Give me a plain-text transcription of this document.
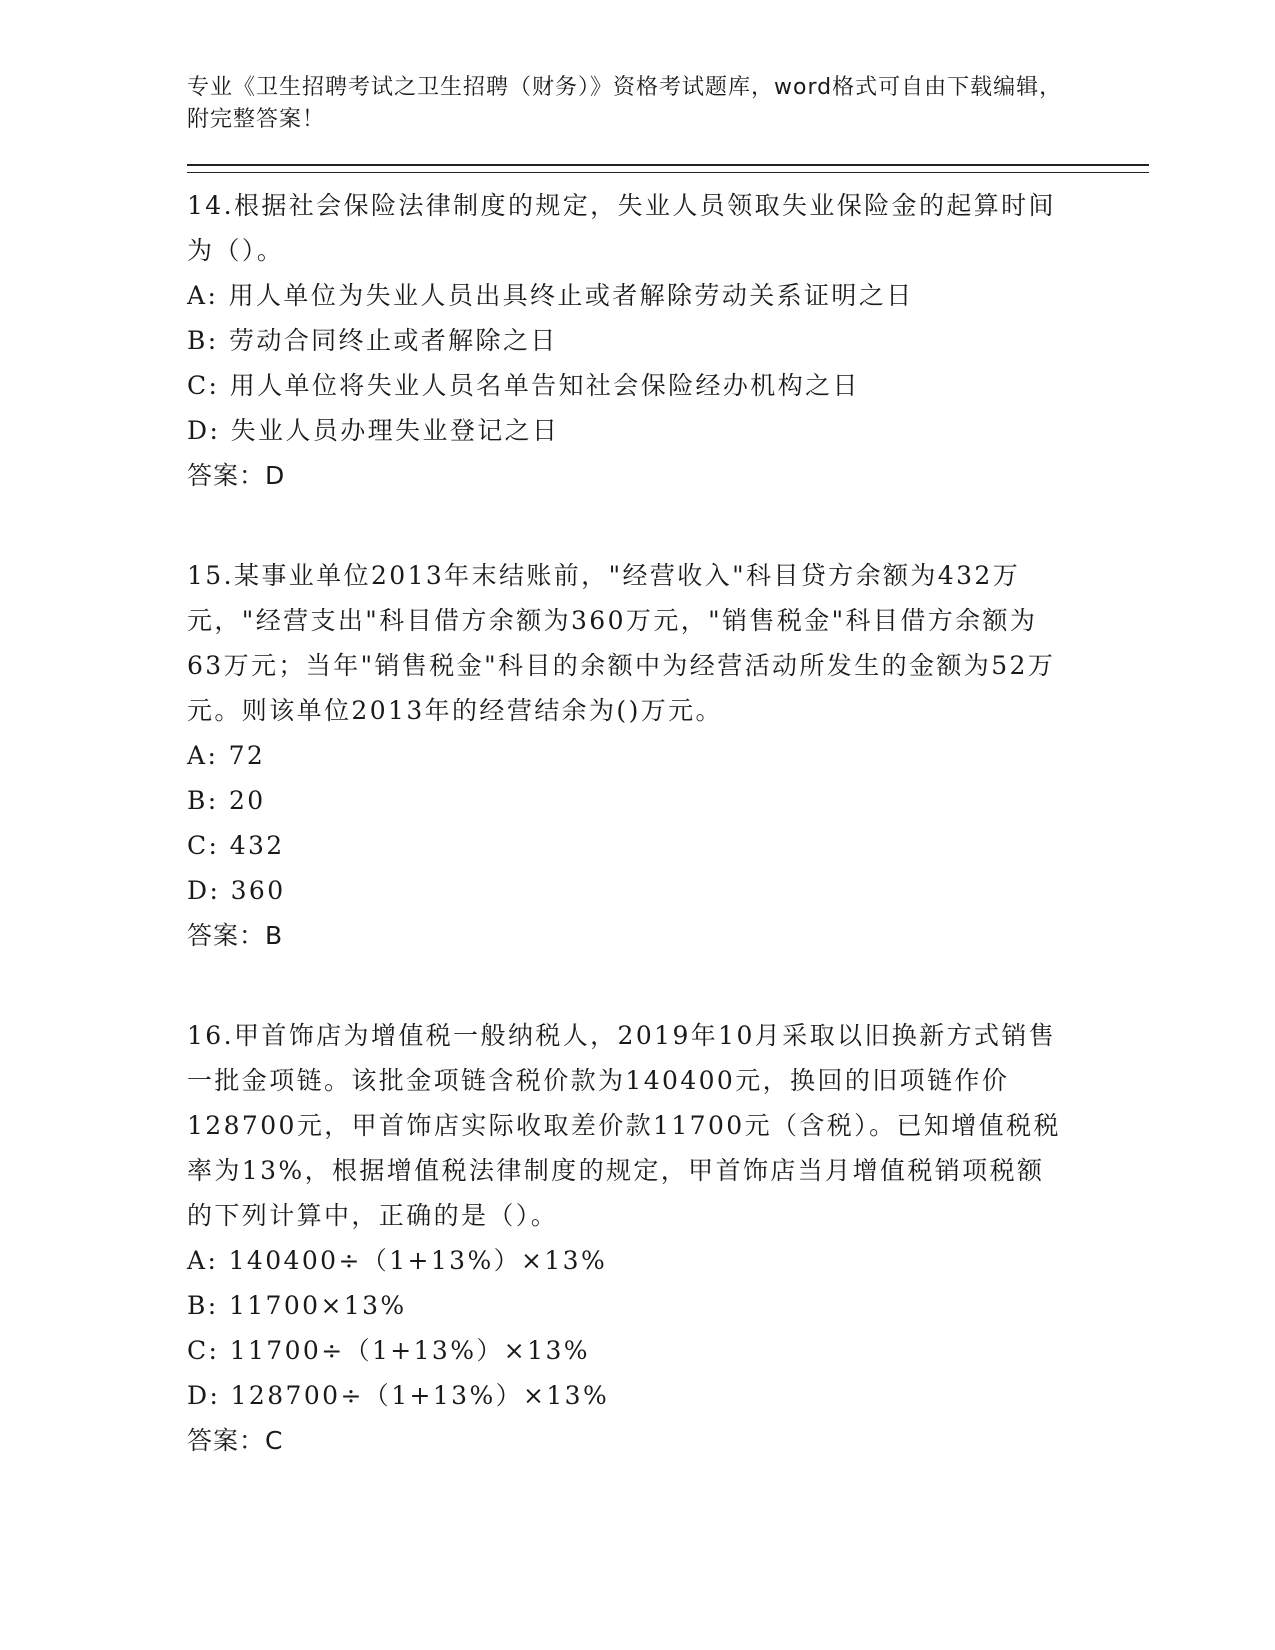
专业《卫生招聘考试之卫生招聘（财务）》资格考试题库，word格式可自由下载编辑，附完整答案！

14.根据社会保险法律制度的规定，失业人员领取失业保险金的起算时间为（）。

A: 用人单位为失业人员出具终止或者解除劳动关系证明之日

B: 劳动合同终止或者解除之日

C: 用人单位将失业人员名单告知社会保险经办机构之日

D: 失业人员办理失业登记之日

答案：D

15.某事业单位2013年末结账前，"经营收入"科目贷方余额为432万元，"经营支出"科目借方余额为360万元，"销售税金"科目借方余额为63万元；当年"销售税金"科目的余额中为经营活动所发生的金额为52万元。则该单位2013年的经营结余为()万元。

A: 72

B: 20

C: 432

D: 360

答案：B

16.甲首饰店为增值税一般纳税人，2019年10月采取以旧换新方式销售一批金项链。该批金项链含税价款为140400元，换回的旧项链作价128700元，甲首饰店实际收取差价款11700元（含税）。已知增值税税率为13%，根据增值税法律制度的规定，甲首饰店当月增值税销项税额的下列计算中，正确的是（）。

A: 140400÷（1+13%）×13%

B: 11700×13%

C: 11700÷（1+13%）×13%

D: 128700÷（1+13%）×13%

答案：C
